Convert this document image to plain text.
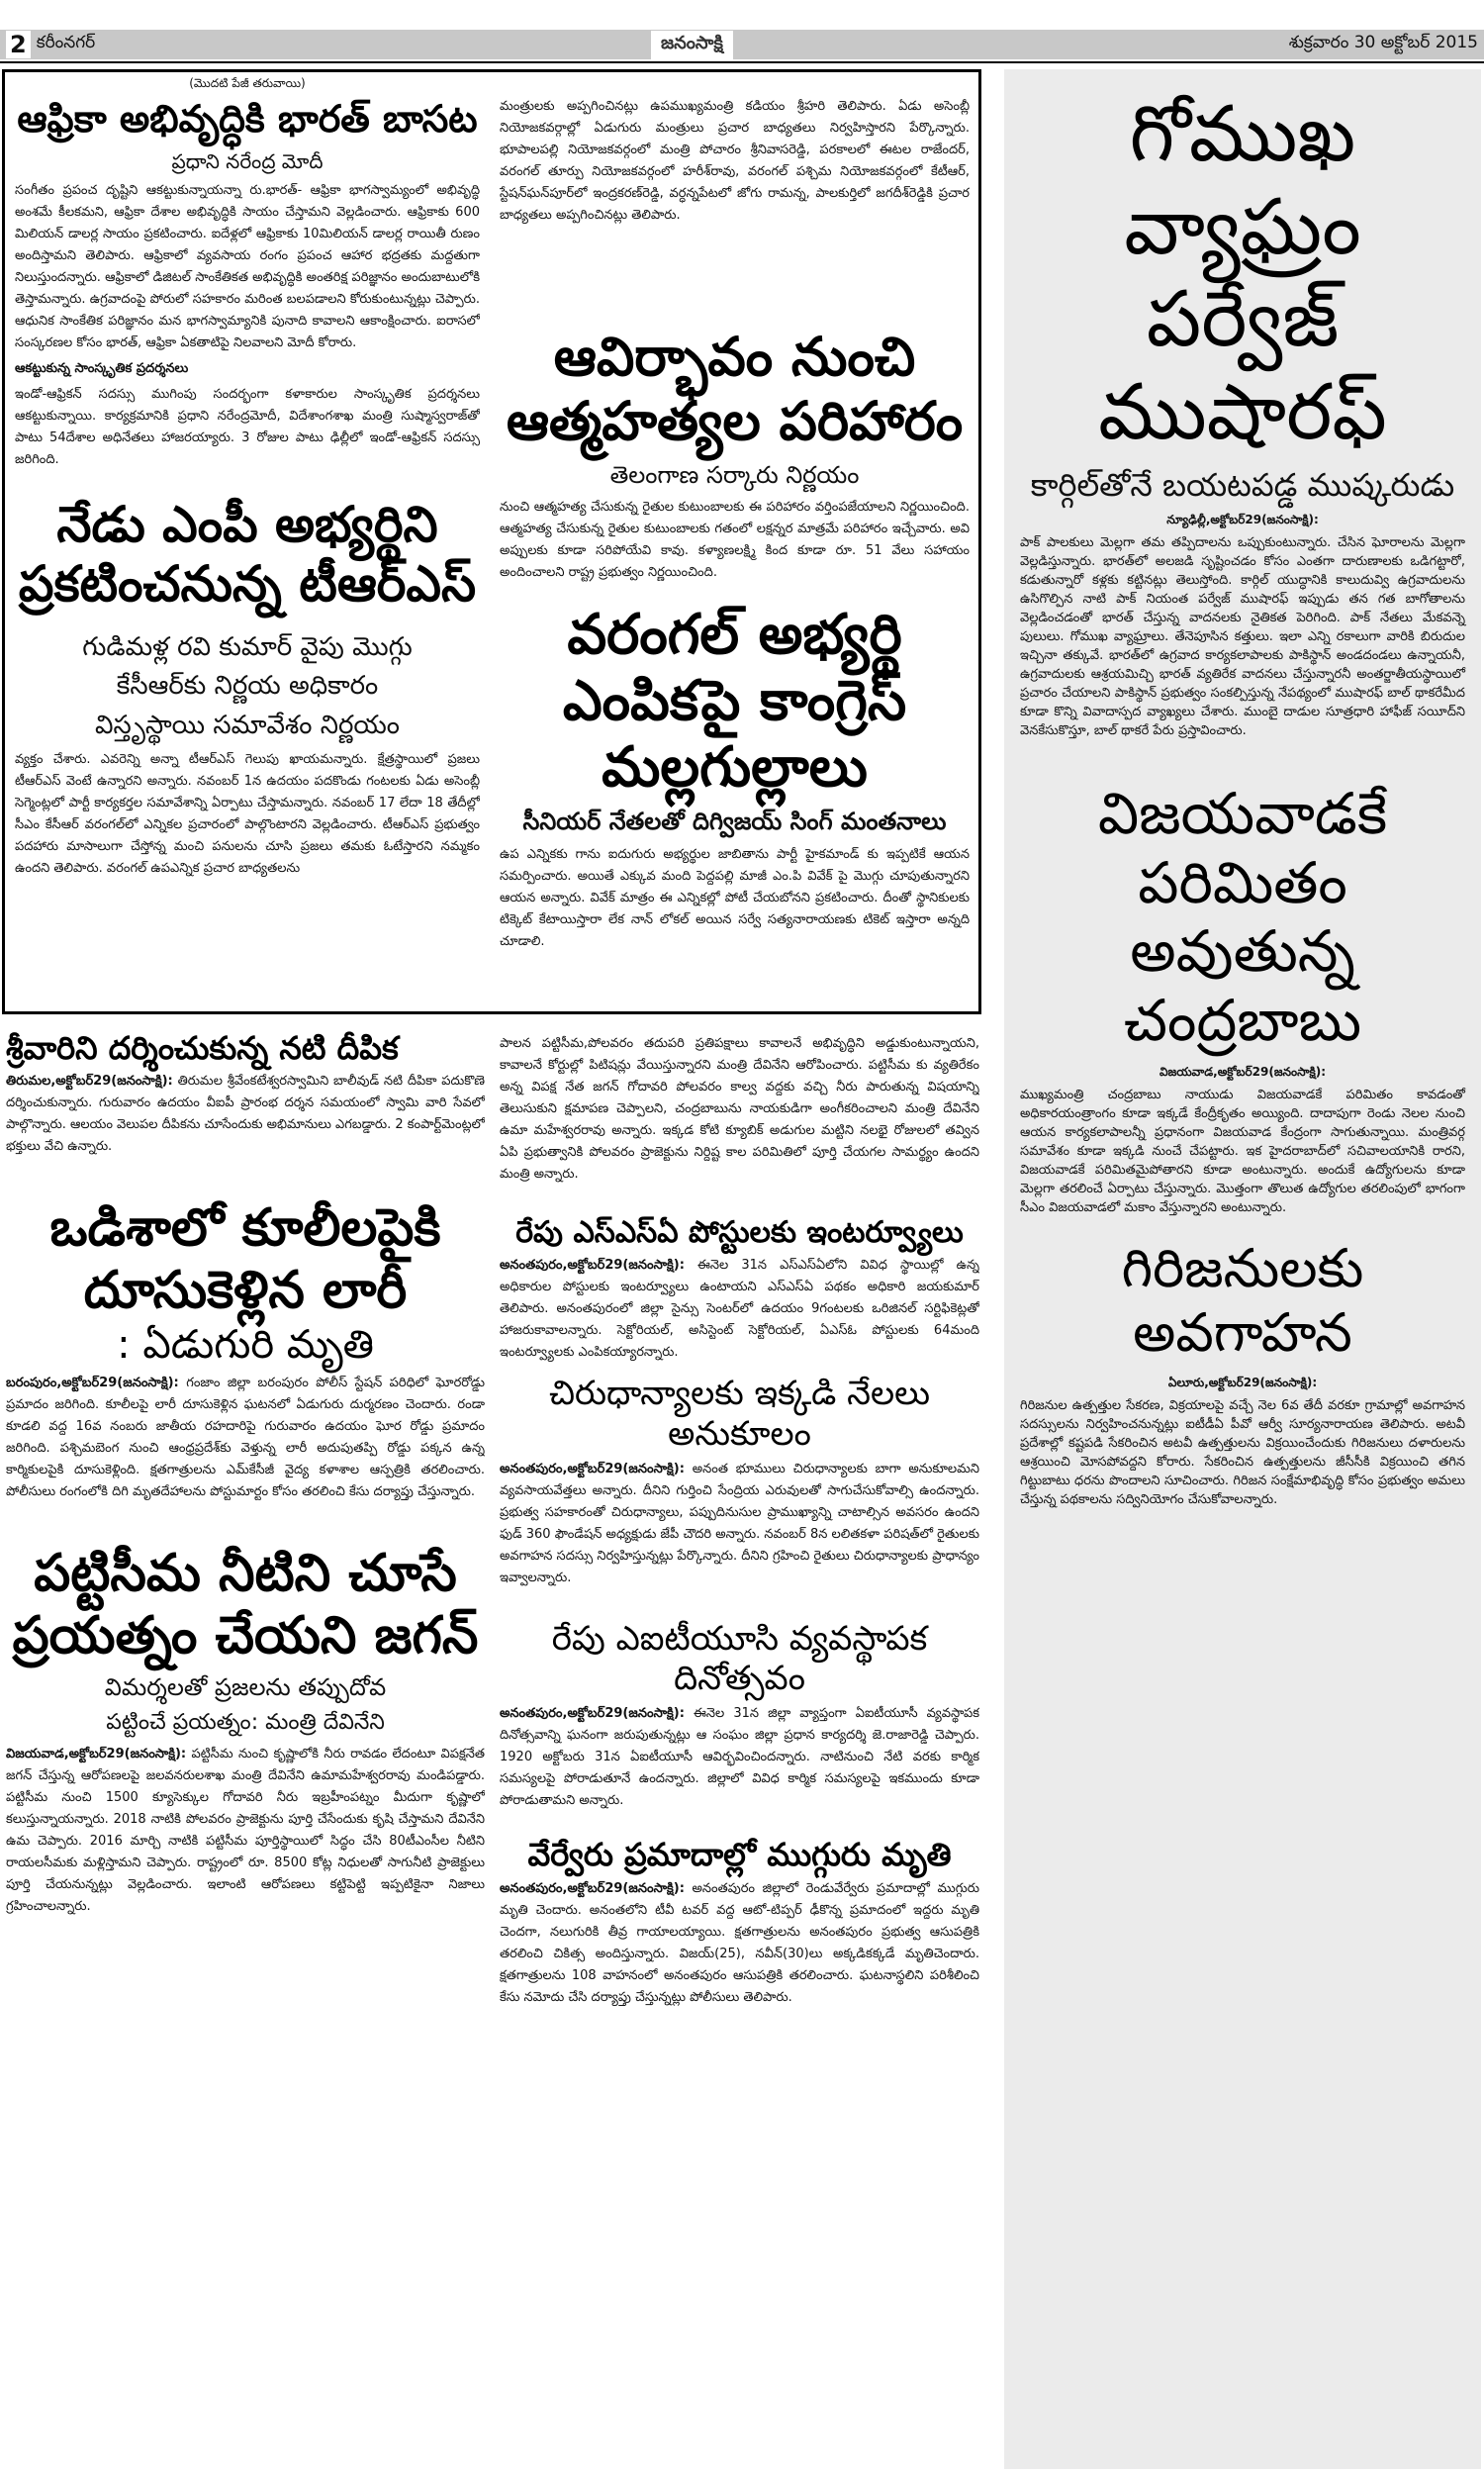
2 కరీంనగర్	జనంసాక్షి	శుక్రవారం 30 అక్టోబర్ 2015
(మొదటి పేజీ తరువాయి)
ఆఫ్రికా అభివృద్ధికి భారత్ బాసట
ప్రధాని నరేంద్ర మోదీ

సంగీతం ప్రపంచ దృష్టిని ఆకట్టుకున్నాయన్నా రు.భారత్- ఆఫ్రికా భాగస్వామ్యంలో అభివృద్ధి అంశమే కీలకమని, ఆఫ్రికా దేశాల అభివృద్ధికి సాయం చేస్తామని వెల్లడించారు. ఆఫ్రికాకు 600 మిలియన్ డాలర్ల సాయం ప్రకటించారు. ఐదేళ్లలో ఆఫ్రికాకు 10మిలియన్ డాలర్ల రాయితీ రుణం అందిస్తామని తెలిపారు. ఆఫ్రికాలో వ్యవసాయ రంగం ప్రపంచ ఆహార భద్రతకు మద్దతుగా నిలుస్తుందన్నారు. ఆఫ్రికాలో డిజిటల్ సాంకేతికత అభివృద్ధికి అంతరిక్ష పరిజ్ఞానం అందుబాటులోకి తెస్తామన్నారు. ఉగ్రవాదంపై పోరులో సహకారం మరింత బలపడాలని కోరుకుంటున్నట్లు చెప్పారు. ఆధునిక సాంకేతిక పరిజ్ఞానం మన భాగస్వామ్యానికి పునాది కావాలని ఆకాంక్షించారు. ఐరాసలో సంస్కరణల కోసం భారత్, ఆఫ్రికా ఏకతాటిపై నిలవాలని మోదీ కోరారు.

ఆకట్టుకున్న సాంస్కృతిక ప్రదర్శనలు

ఇండో-ఆఫ్రికన్ సదస్సు ముగింపు సందర్భంగా కళాకారుల సాంస్కృతిక ప్రదర్శనలు ఆకట్టుకున్నాయి. కార్యక్రమానికి ప్రధాని నరేంద్రమోదీ, విదేశాంగశాఖ మంత్రి సుష్మాస్వరాజ్‌తో పాటు 54దేశాల అధినేతలు హాజరయ్యారు. 3 రోజుల పాటు ఢిల్లీలో ఇండో-ఆఫ్రికన్ సదస్సు జరిగింది.

నేడు ఎంపీ అభ్యర్థిని ప్రకటించనున్న టీఆర్ఎస్
గుడిమళ్ల రవి కుమార్ వైపు మొగ్గు
కేసీఆర్‌కు నిర్ణయ అధికారం
విస్తృస్థాయి సమావేశం నిర్ణయం

వ్యక్తం చేశారు. ఎవరెన్ని అన్నా టీఆర్ఎస్ గెలుపు ఖాయమన్నారు. క్షేత్రస్థాయిలో ప్రజలు టీఆర్ఎస్ వెంటే ఉన్నారని అన్నారు. నవంబర్ 1న ఉదయం పదకొండు గంటలకు ఏడు అసెంబ్లీ సెగ్మెంట్లలో పార్టీ కార్యకర్తల సమావేశాన్ని ఏర్పాటు చేస్తామన్నారు. నవంబర్ 17 లేదా 18 తేదీల్లో సీఎం కేసీఆర్ వరంగల్‌లో ఎన్నికల ప్రచారంలో పాల్గొంటారని వెల్లడించారు. టీఆర్ఎస్ ప్రభుత్వం పదహారు మాసాలుగా చేస్తోన్న మంచి పనులను చూసి ప్రజలు తమకు ఓటేస్తారని నమ్మకం ఉందని తెలిపారు. వరంగల్ ఉపఎన్నిక ప్రచార బాధ్యతలను

మంత్రులకు అప్పగించినట్లు ఉపముఖ్యమంత్రి కడియం శ్రీహరి తెలిపారు. ఏడు అసెంబ్లీ నియోజకవర్గాల్లో ఏడుగురు మంత్రులు ప్రచార బాధ్యతలు నిర్వహిస్తారని పేర్కొన్నారు. భూపాలపల్లి నియోజకవర్గంలో మంత్రి పోచారం శ్రీనివాసరెడ్డి, పరకాలలో ఈటల రాజేందర్, వరంగల్ తూర్పు నియోజకవర్గంలో హరీశ్‌రావు, వరంగల్ పశ్చిమ నియోజకవర్గంలో కేటీఆర్, స్టేషన్‌ఘన్‌పూర్‌లో ఇంద్రకరణ్‌రెడ్డి, వర్ధన్నపేటలో జోగు రామన్న, పాలకుర్తిలో జగదీశ్‌రెడ్డికి ప్రచార బాధ్యతలు అప్పగించినట్లు తెలిపారు.

ఆవిర్భావం నుంచి ఆత్మహత్యల పరిహారం
తెలంగాణ సర్కారు నిర్ణయం

నుంచి ఆత్మహత్య చేసుకున్న రైతుల కుటుంబాలకు ఈ పరిహారం వర్తింపజేయాలని నిర్ణయించింది. ఆత్మహత్య చేసుకున్న రైతుల కుటుంబాలకు గతంలో లక్షన్నర మాత్రమే పరిహారం ఇచ్చేవారు. అవి అప్పులకు కూడా సరిపోయేవి కావు. కళ్యాణలక్ష్మి కింద కూడా రూ. 51 వేలు సహాయం అందించాలని రాష్ట్ర ప్రభుత్వం నిర్ణయించింది.

వరంగల్ అభ్యర్థి ఎంపికపై కాంగ్రెస్ మల్లగుల్లాలు
సీనియర్ నేతలతో దిగ్విజయ్ సింగ్ మంతనాలు

ఉప ఎన్నికకు గాను ఐదుగురు అభ్యర్థుల జాబితాను పార్టీ హైకమాండ్ కు ఇప్పటికే ఆయన సమర్పించారు. అయితే ఎక్కువ మంది పెద్దపల్లి మాజీ ఎం.పి వివేక్ పై మొగ్గు చూపుతున్నారని ఆయన అన్నారు. వివేక్ మాత్రం ఈ ఎన్నికల్లో పోటీ చేయబోనని ప్రకటించారు. దీంతో స్థానికులకు టిక్కెట్ కేటాయిస్తారా లేక నాన్ లోకల్ అయిన సర్వే సత్యనారాయణకు టికెట్ ఇస్తారా అన్నది చూడాలి.

శ్రీవారిని దర్శించుకున్న నటి దీపిక

తిరుమల,అక్టోబర్29(జనంసాక్షి): తిరుమల శ్రీవేంకటేశ్వరస్వామిని బాలీవుడ్ నటి దీపికా పదుకొణె దర్శించుకున్నారు. గురువారం ఉదయం వీఐపీ ప్రారంభ దర్శన సమయంలో స్వామి వారి సేవలో పాల్గొన్నారు. ఆలయం వెలుపల దీపికను చూసేందుకు అభిమానులు ఎగబడ్డారు. 2 కంపార్ట్‌మెంట్లలో భక్తులు వేచి ఉన్నారు.

ఒడిశాలో కూలీలపైకి దూసుకెళ్లిన లారీ
: ఏడుగురి మృతి

బరంపురం,అక్టోబర్29(జనంసాక్షి): గంజాం జిల్లా బరంపురం పోలీస్ స్టేషన్ పరిధిలో ఘోరరోడ్డు ప్రమాదం జరిగింది. కూలీలపై లారీ దూసుకెళ్లిన ఘటనలో ఏడుగురు దుర్మరణం చెందారు. రండా కూడలి వద్ద 16వ నంబరు జాతీయ రహదారిపై గురువారం ఉదయం ఘోర రోడ్డు ప్రమాదం జరిగింది. పశ్చిమబెంగ నుంచి ఆంధ్రప్రదేశ్‌కు వెళ్తున్న లారీ అదుపుతప్పి రోడ్డు పక్కన ఉన్న కార్మికులపైకి దూసుకెళ్లింది. క్షతగాత్రులను ఎమ్‌కేసీజీ వైద్య కళాశాల ఆస్పత్రికి తరలించారు. పోలీసులు రంగంలోకి దిగి మృతదేహాలను పోస్టుమార్టం కోసం తరలించి కేసు దర్యాప్తు చేస్తున్నారు.

పట్టిసీమ నీటిని చూసే ప్రయత్నం చేయని జగన్
విమర్శలతో ప్రజలను తప్పుదోవ
పట్టించే ప్రయత్నం: మంత్రి దేవినేని

విజయవాడ,అక్టోబర్29(జనంసాక్షి): పట్టిసీమ నుంచి కృష్ణాలోకి నీరు రావడం లేదంటూ విపక్షనేత జగన్ చేస్తున్న ఆరోపణలపై జలవనరులశాఖ మంత్రి దేవినేని ఉమామహేశ్వరరావు మండిపడ్డారు. పట్టిసీమ నుంచి 1500 క్యూసెక్కుల గోదావరి నీరు ఇబ్రహీంపట్నం మీదుగా కృష్ణాలో కలుస్తున్నాయన్నారు. 2018 నాటికి పోలవరం ప్రాజెక్టును పూర్తి చేసేందుకు కృషి చేస్తామని దేవినేని ఉమ చెప్పారు. 2016 మార్చి నాటికి పట్టిసీమ పూర్తిస్థాయిలో సిద్ధం చేసి 80టీఎంసీల నీటిని రాయలసీమకు మళ్లిస్తామని చెప్పారు. రాష్ట్రంలో రూ. 8500 కోట్ల నిధులతో సాగునీటి ప్రాజెక్టులు పూర్తి చేయనున్నట్లు వెల్లడించారు. ఇలాంటి ఆరోపణలు కట్టిపెట్టి ఇప్పటికైనా నిజాలు గ్రహించాలన్నారు.

పాలన పట్టిసీమ,పోలవరం తదుపరి ప్రతిపక్షాలు కావాలనే అభివృద్ధిని అడ్డుకుంటున్నాయని, కావాలనే కోర్టుల్లో పిటిషన్లు వేయిస్తున్నారని మంత్రి దేవినేని ఆరోపించారు. పట్టిసీమ కు వ్యతిరేకం అన్న విపక్ష నేత జగన్ గోదావరి పోలవరం కాల్వ వద్దకు వచ్చి నీరు పారుతున్న విషయాన్ని తెలుసుకుని క్షమాపణ చెప్పాలని, చంద్రబాబును నాయకుడిగా అంగీకరించాలని మంత్రి దేవినేని ఉమా మహేశ్వరరావు అన్నారు. ఇక్కడ కోటి క్యూబిక్ అడుగుల మట్టిని నలభై రోజులలో తవ్విన ఏపి ప్రభుత్వానికి పోలవరం ప్రాజెక్టును నిర్దిష్ట కాల పరిమితిలో పూర్తి చేయగల సామర్థ్యం ఉందని మంత్రి అన్నారు.

రేపు ఎస్ఎస్ఏ పోస్టులకు ఇంటర్వ్యూలు

అనంతపురం,అక్టోబర్29(జనంసాక్షి): ఈనెల 31న ఎస్ఎస్ఏలోని వివిధ స్థాయిల్లో ఉన్న అధికారుల పోస్టులకు ఇంటర్వ్యూలు ఉంటాయని ఎస్ఎస్ఏ పథకం అధికారి జయకుమార్ తెలిపారు. అనంతపురంలో జిల్లా సైన్సు సెంటర్‌లో ఉదయం 9గంటలకు ఒరిజినల్ సర్టిఫికెట్లతో హాజరుకావాలన్నారు. సెక్టోరియల్, అసిస్టెంట్ సెక్టోరియల్, ఏఎస్ఓ పోస్టులకు 64మంది ఇంటర్వ్యూలకు ఎంపికయ్యారన్నారు.

చిరుధాన్యాలకు ఇక్కడి నేలలు అనుకూలం

అనంతపురం,అక్టోబర్29(జనంసాక్షి): అనంత భూములు చిరుధాన్యాలకు బాగా అనుకూలమని వ్యవసాయవేత్తలు అన్నారు. దీనిని గుర్తించి సేంద్రియ ఎరువులతో సాగుచేసుకోవాల్సి ఉందన్నారు. ప్రభుత్వ సహకారంతో చిరుధాన్యాలు, పప్పుదినుసుల ప్రాముఖ్యాన్ని చాటాల్సిన అవసరం ఉందని ఫుడ్ 360 ఫౌండేషన్ అధ్యక్షుడు జేపీ చౌదరి అన్నారు. నవంబర్ 8న లలితకళా పరిషత్‌లో రైతులకు అవగాహన సదస్సు నిర్వహిస్తున్నట్లు పేర్కొన్నారు. దీనిని గ్రహించి రైతులు చిరుధాన్యాలకు ప్రాధాన్యం ఇవ్వాలన్నారు.

రేపు ఎఐటీయూసి వ్యవస్థాపక దినోత్సవం

అనంతపురం,అక్టోబర్29(జనంసాక్షి): ఈనెల 31న జిల్లా వ్యాప్తంగా ఏఐటీయూసీ వ్యవస్థాపక దినోత్సవాన్ని ఘనంగా జరుపుతున్నట్లు ఆ సంఘం జిల్లా ప్రధాన కార్యదర్శి జె.రాజారెడ్డి చెప్పారు. 1920 అక్టోబరు 31న ఏఐటీయూసీ ఆవిర్భవించిందన్నారు. నాటినుంచి నేటి వరకు కార్మిక సమస్యలపై పోరాడుతూనే ఉందన్నారు. జిల్లాలో వివిధ కార్మిక సమస్యలపై ఇకముందు కూడా పోరాడుతామని అన్నారు.

వేర్వేరు ప్రమాదాల్లో ముగ్గురు మృతి

అనంతపురం,అక్టోబర్29(జనంసాక్షి): అనంతపురం జిల్లాలో రెండువేర్వేరు ప్రమాదాల్లో ముగ్గురు మృతి చెందారు. అనంతలోని టీవీ టవర్ వద్ద ఆటో-టిప్పర్ ఢీకొన్న ప్రమాదంలో ఇద్దరు మృతి చెందగా, నలుగురికి తీవ్ర గాయాలయ్యాయి. క్షతగాత్రులను అనంతపురం ప్రభుత్వ ఆసుపత్రికి తరలించి చికిత్స అందిస్తున్నారు. విజయ్(25), నవీన్(30)లు అక్కడికక్కడే మృతిచెందారు. క్షతగాత్రులను 108 వాహనంలో అనంతపురం ఆసుపత్రికి తరలించారు. ఘటనాస్థలిని పరిశీలించి కేసు నమోదు చేసి దర్యాప్తు చేస్తున్నట్లు పోలీసులు తెలిపారు.

గోముఖ వ్యాఘ్రం పర్వేజ్ ముషారఫ్
కార్గిల్‌తోనే బయటపడ్డ ముష్కరుడు
న్యూఢిల్లీ,అక్టోబర్29(జనంసాక్షి):

పాక్ పాలకులు మెల్లగా తమ తప్పిదాలను ఒప్పుకుంటున్నారు. చేసిన ఘోరాలను మెల్లగా వెల్లడిస్తున్నారు. భారత్‌లో అలజడి సృష్టించడం కోసం ఎంతగా దారుణాలకు ఒడిగట్టారో, కడుతున్నారో కళ్లకు కట్టినట్లు తెలుస్తోంది. కార్గిల్ యుద్ధానికి కాలుదువ్వి ఉగ్రవాదులను ఉసిగొల్పిన నాటి పాక్ నియంత పర్వేజ్ ముషారఫ్ ఇప్పుడు తన గత బాగోతాలను వెల్లడించడంతో భారత్ చేస్తున్న వాదనలకు నైతికత పెరిగింది. పాక్ నేతలు మేకవన్నె పులులు. గోముఖ వ్యాఘ్రాలు. తేనెపూసిన కత్తులు. ఇలా ఎన్ని రకాలుగా వారికి బిరుదుల ఇచ్చినా తక్కువే. భారత్‌లో ఉగ్రవాద కార్యకలాపాలకు పాకిస్థాన్ అండదండలు ఉన్నాయనీ, ఉగ్రవాదులకు ఆశ్రయమిచ్చి భారత్ వ్యతిరేక వాదనలు చేస్తున్నారనీ అంతర్జాతీయస్థాయిలో ప్రచారం చేయాలని పాకిస్థాన్ ప్రభుత్వం సంకల్పిస్తున్న నేపథ్యంలో ముషారఫ్ బాల్ థాకరేమీద కూడా కొన్ని వివాదాస్పద వ్యాఖ్యలు చేశారు. ముంబై దాడుల సూత్రధారి హాఫీజ్ సయీద్‌ని వెనకేసుకొస్తూ, బాల్ థాకరే పేరు ప్రస్తావించారు.

విజయవాడకే పరిమితం అవుతున్న చంద్రబాబు
విజయవాడ,అక్టోబర్29(జనంసాక్షి):

ముఖ్యమంత్రి చంద్రబాబు నాయుడు విజయవాడకే పరిమితం కావడంతో అధికారయంత్రాంగం కూడా ఇక్కడే కేంద్రీకృతం అయ్యింది. దాదాపుగా రెండు నెలల నుంచి ఆయన కార్యకలాపాలన్నీ ప్రధానంగా విజయవాడ కేంద్రంగా సాగుతున్నాయి. మంత్రివర్గ సమావేశం కూడా ఇక్కడి నుంచే చేపట్టారు. ఇక హైదరాబాద్‌లో సచివాలయానికి రారని, విజయవాడకే పరిమితమైపోతారని కూడా అంటున్నారు. అందుకే ఉద్యోగులను కూడా మెల్లగా తరలించే ఏర్పాటు చేస్తున్నారు. మొత్తంగా తొలుత ఉద్యోగుల తరలింపులో భాగంగా సీఎం విజయవాడలో మకాం వేస్తున్నారని అంటున్నారు.

గిరిజనులకు అవగాహన
ఏలూరు,అక్టోబర్29(జనంసాక్షి):

గిరిజనుల ఉత్పత్తుల సేకరణ, విక్రయాలపై వచ్చే నెల 6వ తేదీ వరకూ గ్రామాల్లో అవగాహన సదస్సులను నిర్వహించనున్నట్లు ఐటీడీఏ పీవో ఆర్వీ సూర్యనారాయణ తెలిపారు. అటవీ ప్రదేశాల్లో కష్టపడి సేకరించిన అటవీ ఉత్పత్తులను విక్రయించేందుకు గిరిజనులు దళారులను ఆశ్రయించి మోసపోవద్దని కోరారు. సేకరించిన ఉత్పత్తులను జీసీసీకి విక్రయించి తగిన గిట్టుబాటు ధరను పొందాలని సూచించారు. గిరిజన సంక్షేమాభివృద్ధి కోసం ప్రభుత్వం అమలు చేస్తున్న పథకాలను సద్వినియోగం చేసుకోవాలన్నారు.
